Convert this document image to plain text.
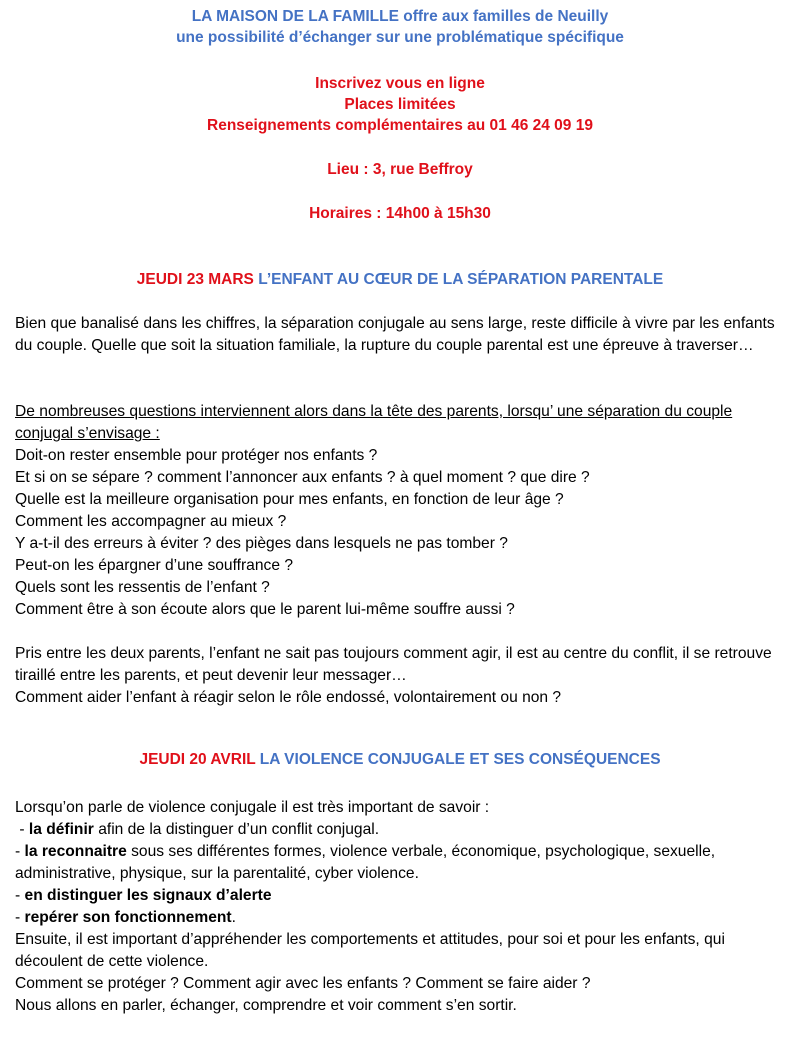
LA MAISON DE LA FAMILLE offre aux familles de Neuilly

une possibilité d’échanger sur une problématique spécifique

Inscrivez vous en ligne

Places limitées

Renseignements complémentaires au 01 46 24 09 19

Lieu : 3, rue Beffroy

Horaires : 14h00 à 15h30

JEUDI 23 MARS L’ENFANT AU CŒUR DE LA SÉPARATION PARENTALE

Bien que banalisé dans les chiffres, la séparation conjugale au sens large, reste difficile à vivre par les enfants du couple. Quelle que soit la situation familiale, la rupture du couple parental est une épreuve à traverser…

De nombreuses questions interviennent alors dans la tête des parents, lorsqu’ une séparation du couple conjugal s’envisage :

Doit-on rester ensemble pour protéger nos enfants ?

Et si on se sépare ? comment l’annoncer aux enfants ? à quel moment ? que dire ?

Quelle est la meilleure organisation pour mes enfants, en fonction de leur âge ?

Comment les accompagner au mieux ?

Y a-t-il des erreurs à éviter ? des pièges dans lesquels ne pas tomber ?

Peut-on les épargner d’une souffrance ?

Quels sont les ressentis de l’enfant ?

Comment être à son écoute alors que le parent lui-même souffre aussi ?

Pris entre les deux parents, l’enfant ne sait pas toujours comment agir, il est au centre du conflit, il se retrouve tiraillé entre les parents, et peut devenir leur messager…

Comment aider l’enfant à réagir selon le rôle endossé, volontairement ou non ?

JEUDI 20 AVRIL LA VIOLENCE CONJUGALE ET SES CONSÉQUENCES

Lorsqu’on parle de violence conjugale il est très important de savoir :

- la définir afin de la distinguer d’un conflit conjugal.

- la reconnaitre sous ses différentes formes, violence verbale, économique, psychologique, sexuelle, administrative, physique, sur la parentalité, cyber violence.

- en distinguer les signaux d’alerte

- repérer son fonctionnement.

Ensuite, il est important d’appréhender les comportements et attitudes, pour soi et pour les enfants, qui découlent de cette violence.

Comment se protéger ? Comment agir avec les enfants ? Comment se faire aider ?

Nous allons en parler, échanger, comprendre et voir comment s’en sortir.
